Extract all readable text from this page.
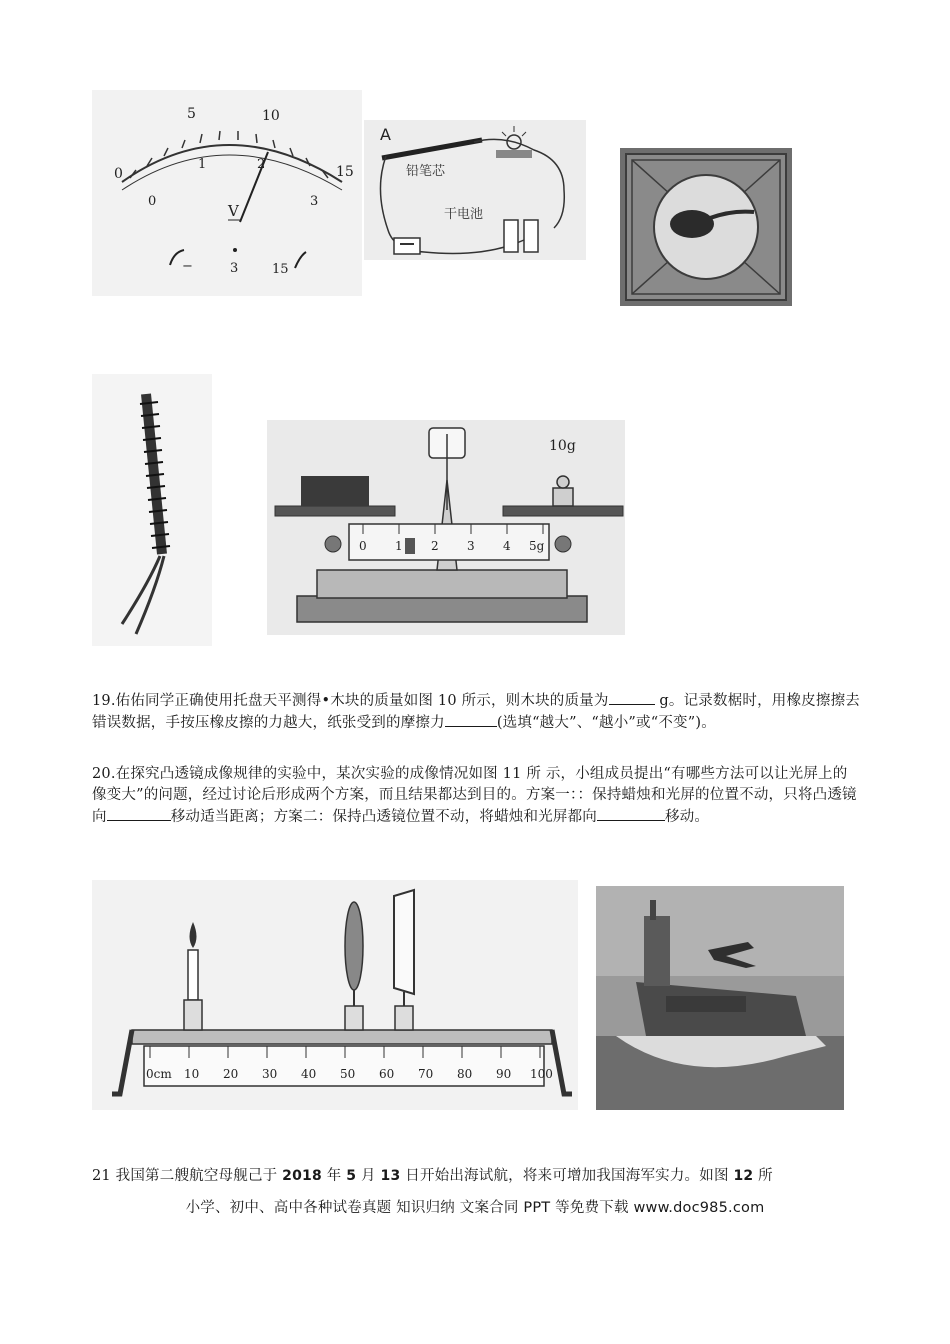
0
5	10
15
0
1	2
3
V
−	3	15
A
铅笔芯
干电池
10g
0 1 2 3 4 5g
19.佑佑同学正确使用托盘天平测得•木块的质量如图 10 所示，则木块的质量为	g。记录数椐时，用橡皮擦擦去错误数据，手按压橡皮擦的力越大，纸张受到的摩擦力	(选填“越大”、“越小”或“不变”)。
20.在探究凸透镜成像规律的实验中，某次实验的成像情况如图 11 所 示，小组成员提出“有哪些方法可以让光屏上的像变大”的问题，经过讨论后形成两个方案，而且结果都达到目的。方案一：：保持蜡烛和光屏的位置不动，只将凸透镜向	移动适当距离；方案二：保持凸透镜位置不动，将蜡烛和光屏都向	移动。
0cm 10 20 30 40 50 60 70 80 90 100
21 我国第二艘航空母舰己于 2018 年 5 月 13 日开始出海试航，将来可增加我国海军实力。如图 12 所
小学、初中、高中各种试卷真题 知识归纳 文案合同 PPT 等免费下载 www.doc985.com
